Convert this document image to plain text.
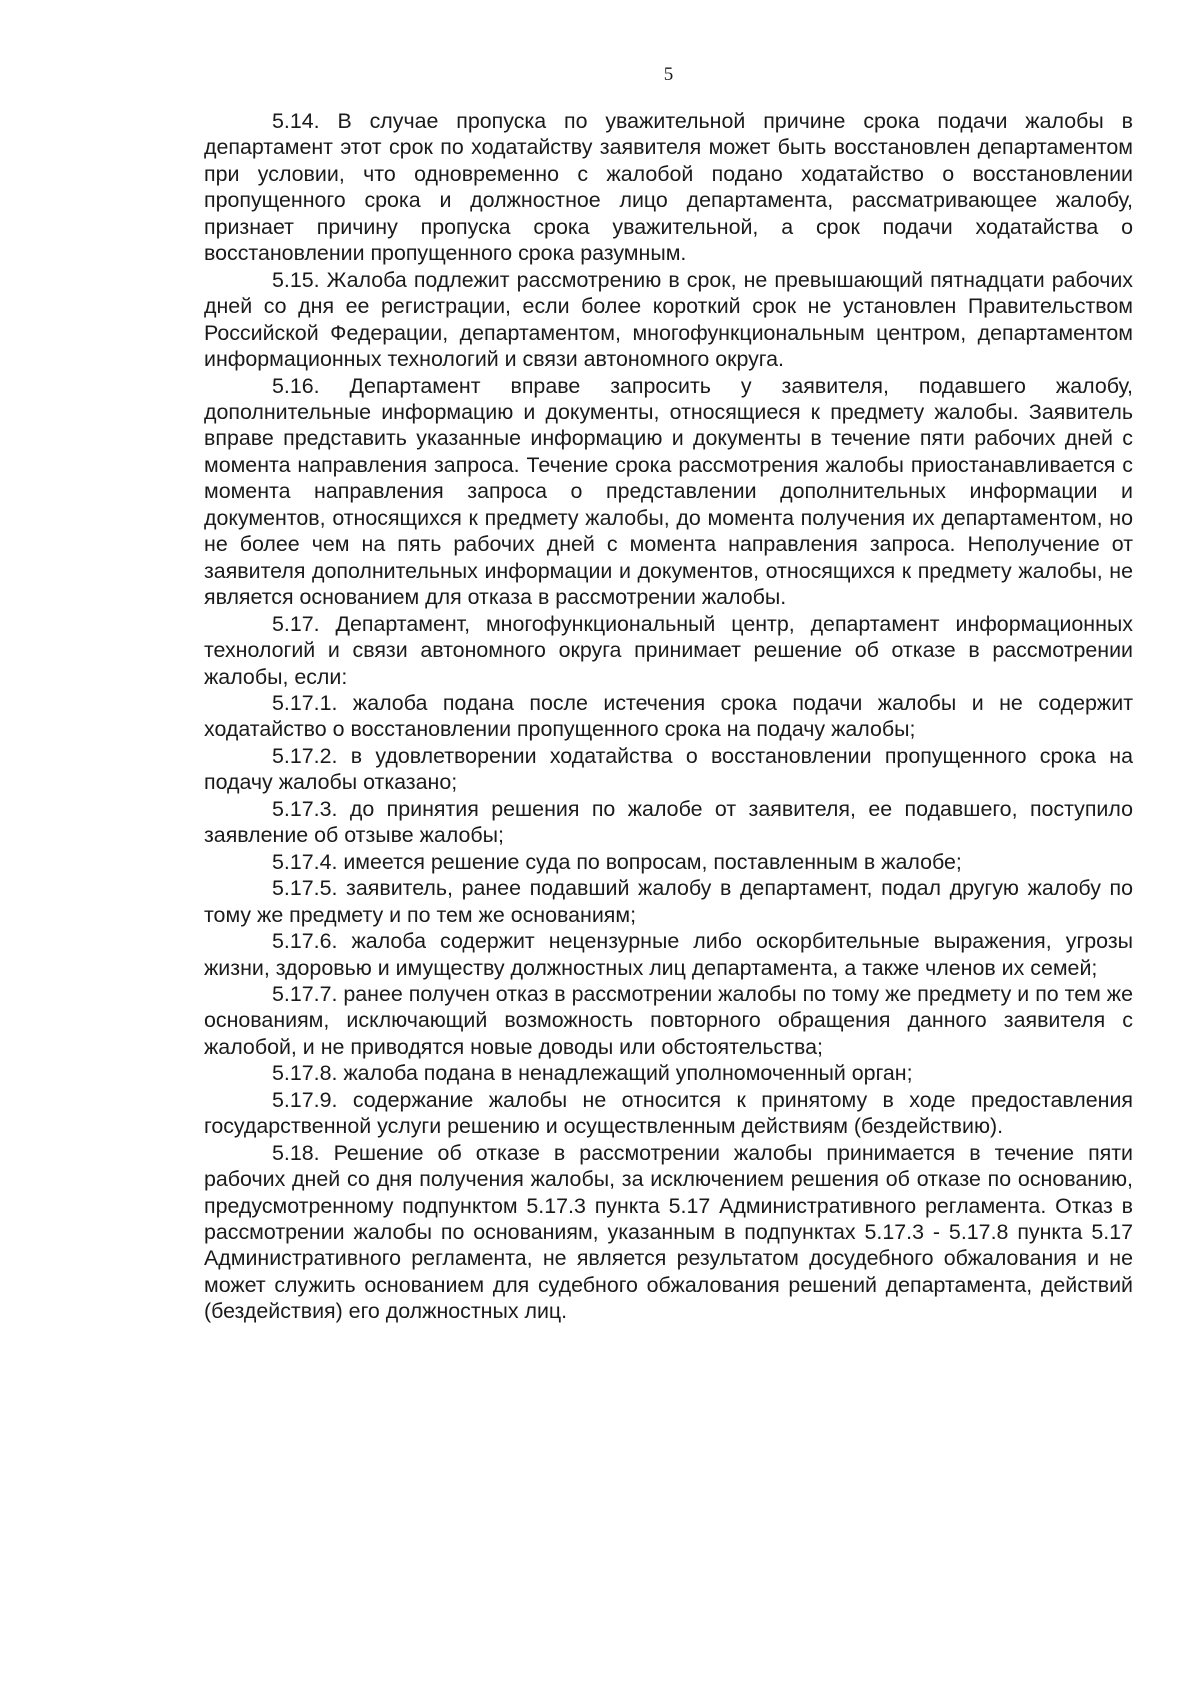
5

5.14. В случае пропуска по уважительной причине срока подачи жалобы в департамент этот срок по ходатайству заявителя может быть восстановлен департаментом при условии, что одновременно с жалобой подано ходатайство о восстановлении пропущенного срока и должностное лицо департамента, рассматривающее жалобу, признает причину пропуска срока уважительной, а срок подачи ходатайства о восстановлении пропущенного срока разумным.

5.15. Жалоба подлежит рассмотрению в срок, не превышающий пятнадцати рабочих дней со дня ее регистрации, если более короткий срок не установлен Правительством Российской Федерации, департаментом, многофункциональным центром, департаментом информационных технологий и связи автономного округа.

5.16. Департамент вправе запросить у заявителя, подавшего жалобу, дополнительные информацию и документы, относящиеся к предмету жалобы. Заявитель вправе представить указанные информацию и документы в течение пяти рабочих дней с момента направления запроса. Течение срока рассмотрения жалобы приостанавливается с момента направления запроса о представлении дополнительных информации и документов, относящихся к предмету жалобы, до момента получения их департаментом, но не более чем на пять рабочих дней с момента направления запроса. Неполучение от заявителя дополнительных информации и документов, относящихся к предмету жалобы, не является основанием для отказа в рассмотрении жалобы.

5.17. Департамент, многофункциональный центр, департамент информационных технологий и связи автономного округа принимает решение об отказе в рассмотрении жалобы, если:

5.17.1. жалоба подана после истечения срока подачи жалобы и не содержит ходатайство о восстановлении пропущенного срока на подачу жалобы;

5.17.2. в удовлетворении ходатайства о восстановлении пропущенного срока на подачу жалобы отказано;

5.17.3. до принятия решения по жалобе от заявителя, ее подавшего, поступило заявление об отзыве жалобы;

5.17.4. имеется решение суда по вопросам, поставленным в жалобе;

5.17.5. заявитель, ранее подавший жалобу в департамент, подал другую жалобу по тому же предмету и по тем же основаниям;

5.17.6. жалоба содержит нецензурные либо оскорбительные выражения, угрозы жизни, здоровью и имуществу должностных лиц департамента, а также членов их семей;

5.17.7. ранее получен отказ в рассмотрении жалобы по тому же предмету и по тем же основаниям, исключающий возможность повторного обращения данного заявителя с жалобой, и не приводятся новые доводы или обстоятельства;

5.17.8. жалоба подана в ненадлежащий уполномоченный орган;

5.17.9. содержание жалобы не относится к принятому в ходе предоставления государственной услуги решению и осуществленным действиям (бездействию).

5.18. Решение об отказе в рассмотрении жалобы принимается в течение пяти рабочих дней со дня получения жалобы, за исключением решения об отказе по основанию, предусмотренному подпунктом 5.17.3 пункта 5.17 Административного регламента. Отказ в рассмотрении жалобы по основаниям, указанным в подпунктах 5.17.3 - 5.17.8 пункта 5.17 Административного регламента, не является результатом досудебного обжалования и не может служить основанием для судебного обжалования решений департамента, действий (бездействия) его должностных лиц.
